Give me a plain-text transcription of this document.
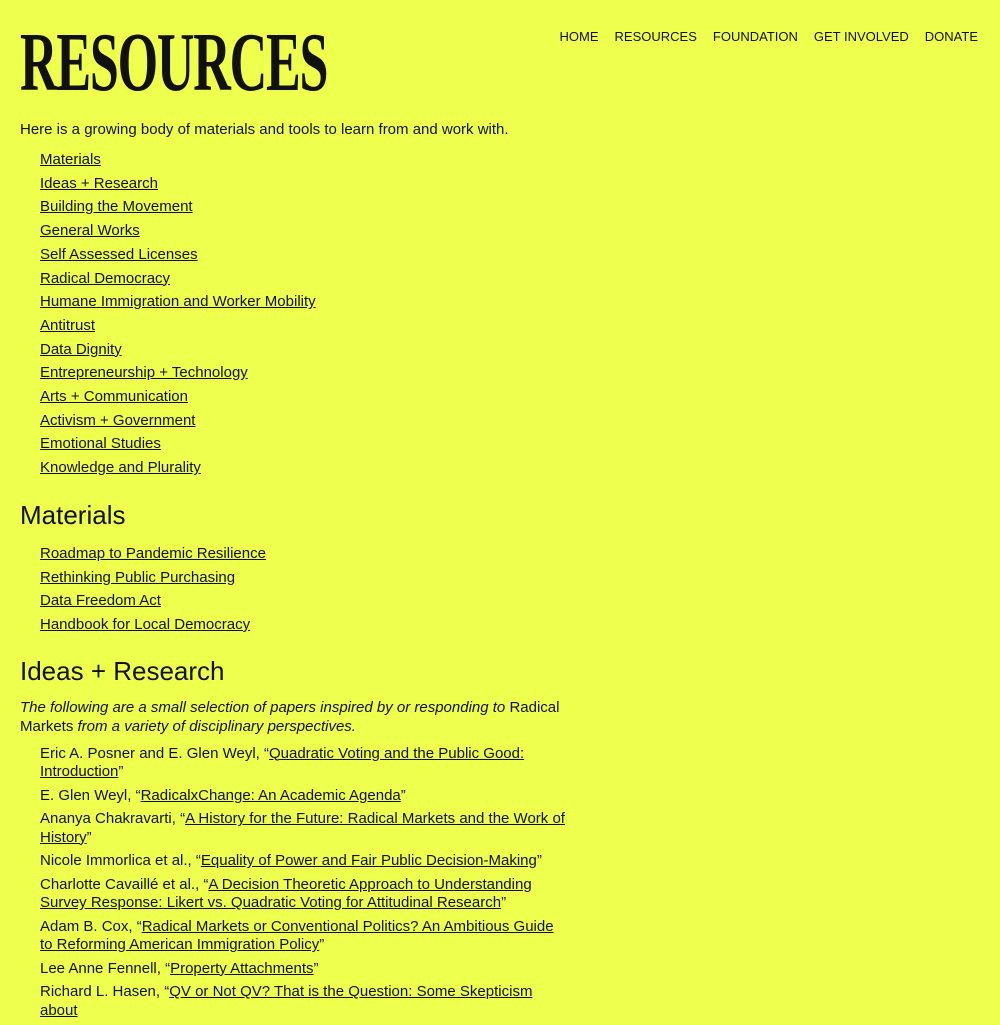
RESOURCES	HOME RESOURCES FOUNDATION GET INVOLVED DONATE

Here is a growing body of materials and tools to learn from and work with.

Materials
Ideas + Research
Building the Movement
General Works
Self Assessed Licenses
Radical Democracy
Humane Immigration and Worker Mobility
Antitrust
Data Dignity
Entrepreneurship + Technology
Arts + Communication
Activism + Government
Emotional Studies
Knowledge and Plurality
Materials
Roadmap to Pandemic Resilience
Rethinking Public Purchasing
Data Freedom Act
Handbook for Local Democracy
Ideas + Research

The following are a small selection of papers inspired by or responding to Radical Markets from a variety of disciplinary perspectives.

Eric A. Posner and E. Glen Weyl, “Quadratic Voting and the Public Good: Introduction”
E. Glen Weyl, “RadicalxChange: An Academic Agenda”
Ananya Chakravarti, “A History for the Future: Radical Markets and the Work of History”
Nicole Immorlica et al., “Equality of Power and Fair Public Decision-Making”
Charlotte Cavaillé et al., “A Decision Theoretic Approach to Understanding Survey Response: Likert vs. Quadratic Voting for Attitudinal Research”
Adam B. Cox, “Radical Markets or Conventional Politics? An Ambitious Guide to Reforming American Immigration Policy”
Lee Anne Fennell, “Property Attachments”
Richard L. Hasen, “QV or Not QV? That is the Question: Some Skepticism about
